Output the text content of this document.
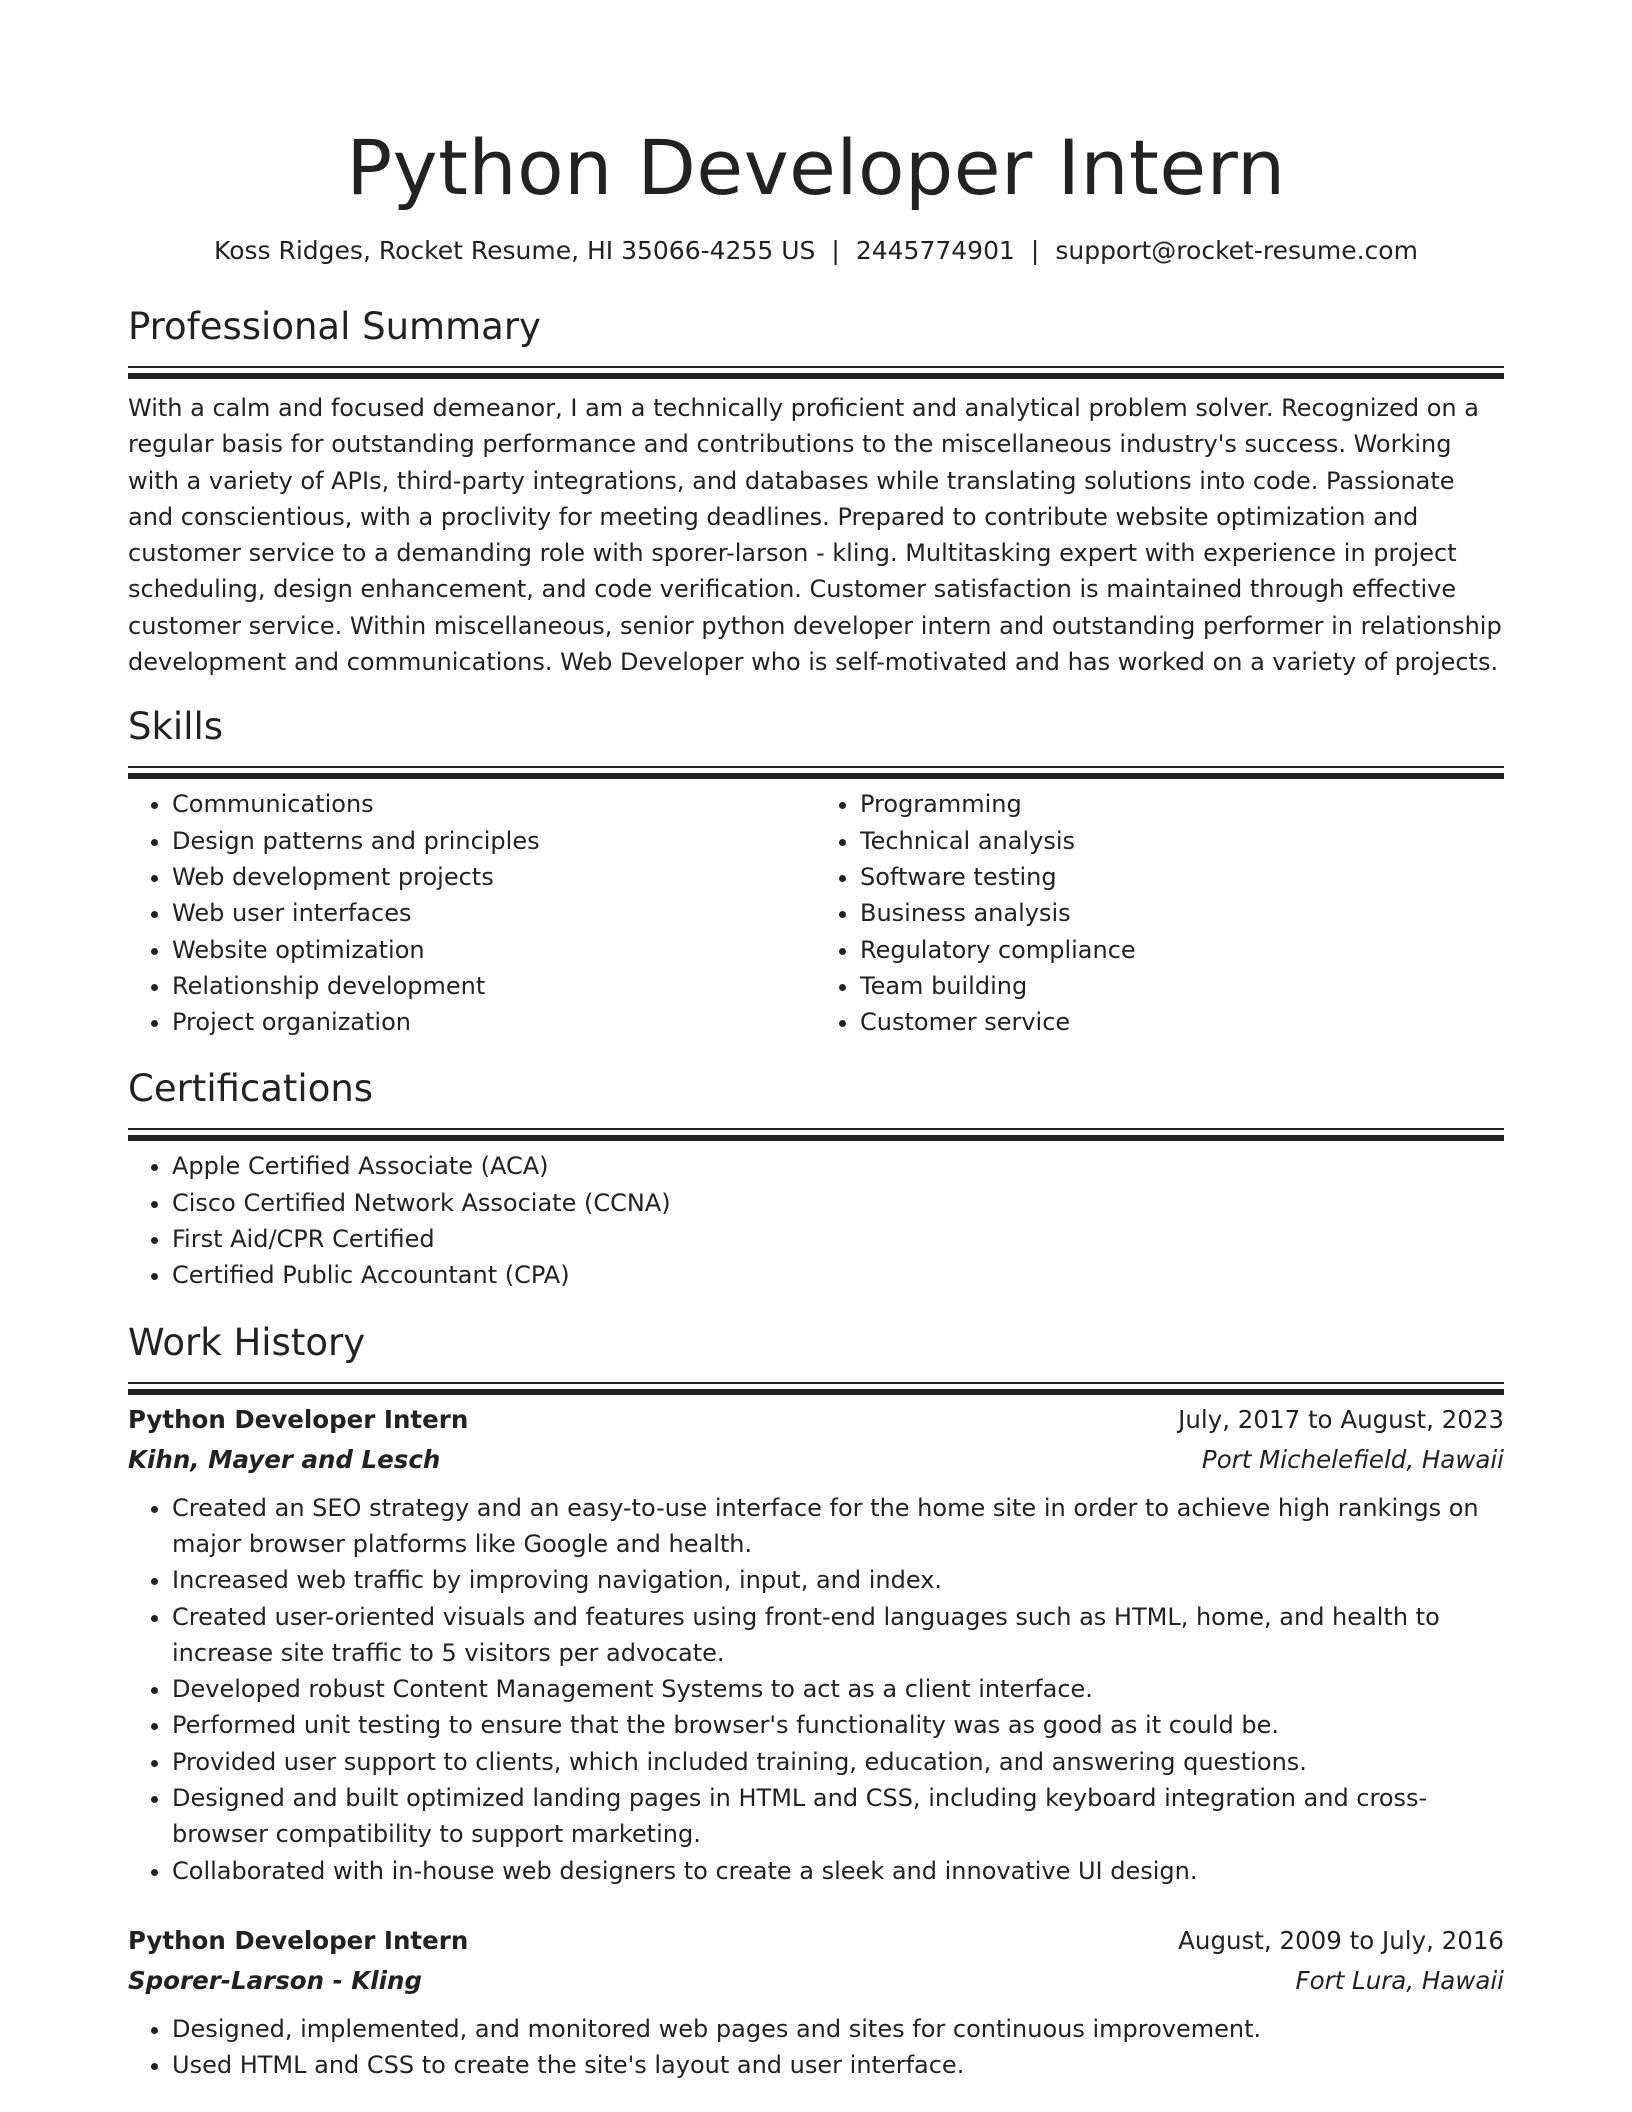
Python Developer Intern
Koss Ridges, Rocket Resume, HI 35066-4255 US | 2445774901 | support@rocket-resume.com
Professional Summary
With a calm and focused demeanor, I am a technically proficient and analytical problem solver. Recognized on a regular basis for outstanding performance and contributions to the miscellaneous industry's success. Working with a variety of APIs, third-party integrations, and databases while translating solutions into code. Passionate and conscientious, with a proclivity for meeting deadlines. Prepared to contribute website optimization and customer service to a demanding role with sporer-larson - kling. Multitasking expert with experience in project scheduling, design enhancement, and code verification. Customer satisfaction is maintained through effective customer service. Within miscellaneous, senior python developer intern and outstanding performer in relationship development and communications. Web Developer who is self-motivated and has worked on a variety of projects.
Skills
• Communications
• Design patterns and principles
• Web development projects
• Web user interfaces
• Website optimization
• Relationship development
• Project organization
• Programming
• Technical analysis
• Software testing
• Business analysis
• Regulatory compliance
• Team building
• Customer service
Certifications
• Apple Certified Associate (ACA)
• Cisco Certified Network Associate (CCNA)
• First Aid/CPR Certified
• Certified Public Accountant (CPA)
Work History
Python Developer Intern	July, 2017 to August, 2023
Kihn, Mayer and Lesch	Port Michelefield, Hawaii
• Created an SEO strategy and an easy-to-use interface for the home site in order to achieve high rankings on major browser platforms like Google and health.
• Increased web traffic by improving navigation, input, and index.
• Created user-oriented visuals and features using front-end languages such as HTML, home, and health to increase site traffic to 5 visitors per advocate.
• Developed robust Content Management Systems to act as a client interface.
• Performed unit testing to ensure that the browser's functionality was as good as it could be.
• Provided user support to clients, which included training, education, and answering questions.
• Designed and built optimized landing pages in HTML and CSS, including keyboard integration and cross-browser compatibility to support marketing.
• Collaborated with in-house web designers to create a sleek and innovative UI design.
Python Developer Intern	August, 2009 to July, 2016
Sporer-Larson - Kling	Fort Lura, Hawaii
• Designed, implemented, and monitored web pages and sites for continuous improvement.
• Used HTML and CSS to create the site's layout and user interface.
